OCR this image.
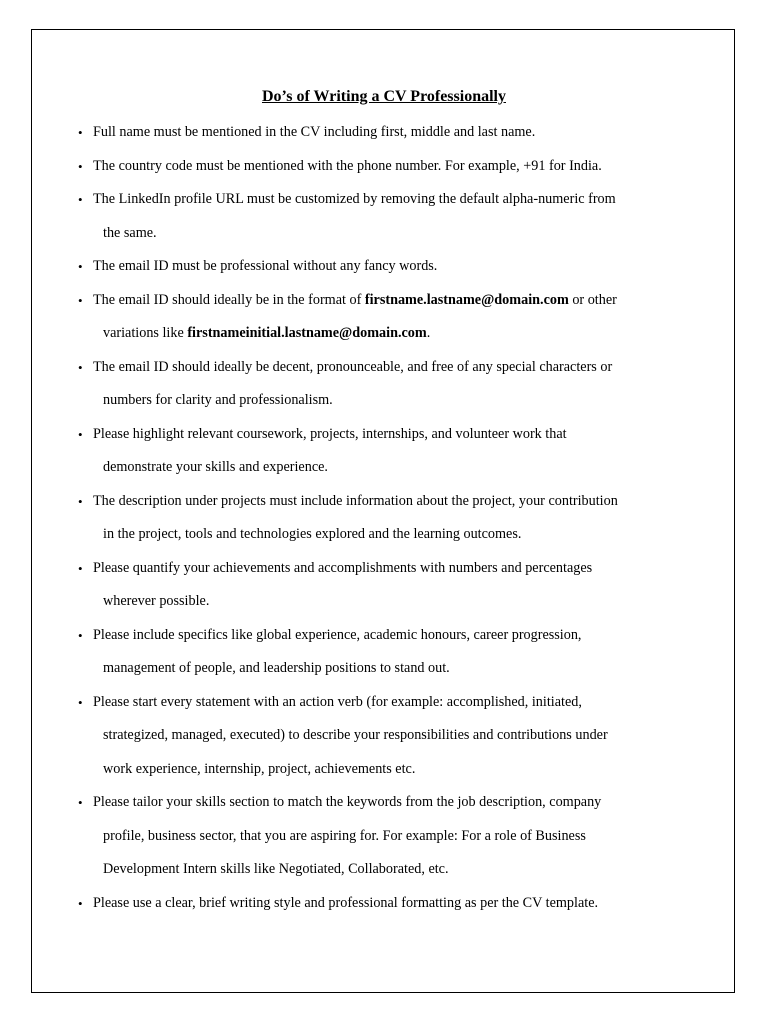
Do’s of Writing a CV Professionally
• Full name must be mentioned in the CV including first, middle and last name.
• The country code must be mentioned with the phone number. For example, +91 for India.
• The LinkedIn profile URL must be customized by removing the default alpha-numeric from
the same.
• The email ID must be professional without any fancy words.
• The email ID should ideally be in the format of firstname.lastname@domain.com or other
variations like firstnameinitial.lastname@domain.com.
• The email ID should ideally be decent, pronounceable, and free of any special characters or
numbers for clarity and professionalism.
• Please highlight relevant coursework, projects, internships, and volunteer work that
demonstrate your skills and experience.
• The description under projects must include information about the project, your contribution
in the project, tools and technologies explored and the learning outcomes.
• Please quantify your achievements and accomplishments with numbers and percentages
wherever possible.
• Please include specifics like global experience, academic honours, career progression,
management of people, and leadership positions to stand out.
• Please start every statement with an action verb (for example: accomplished, initiated,
strategized, managed, executed) to describe your responsibilities and contributions under
work experience, internship, project, achievements etc.
• Please tailor your skills section to match the keywords from the job description, company
profile, business sector, that you are aspiring for. For example: For a role of Business
Development Intern skills like Negotiated, Collaborated, etc.
• Please use a clear, brief writing style and professional formatting as per the CV template.
